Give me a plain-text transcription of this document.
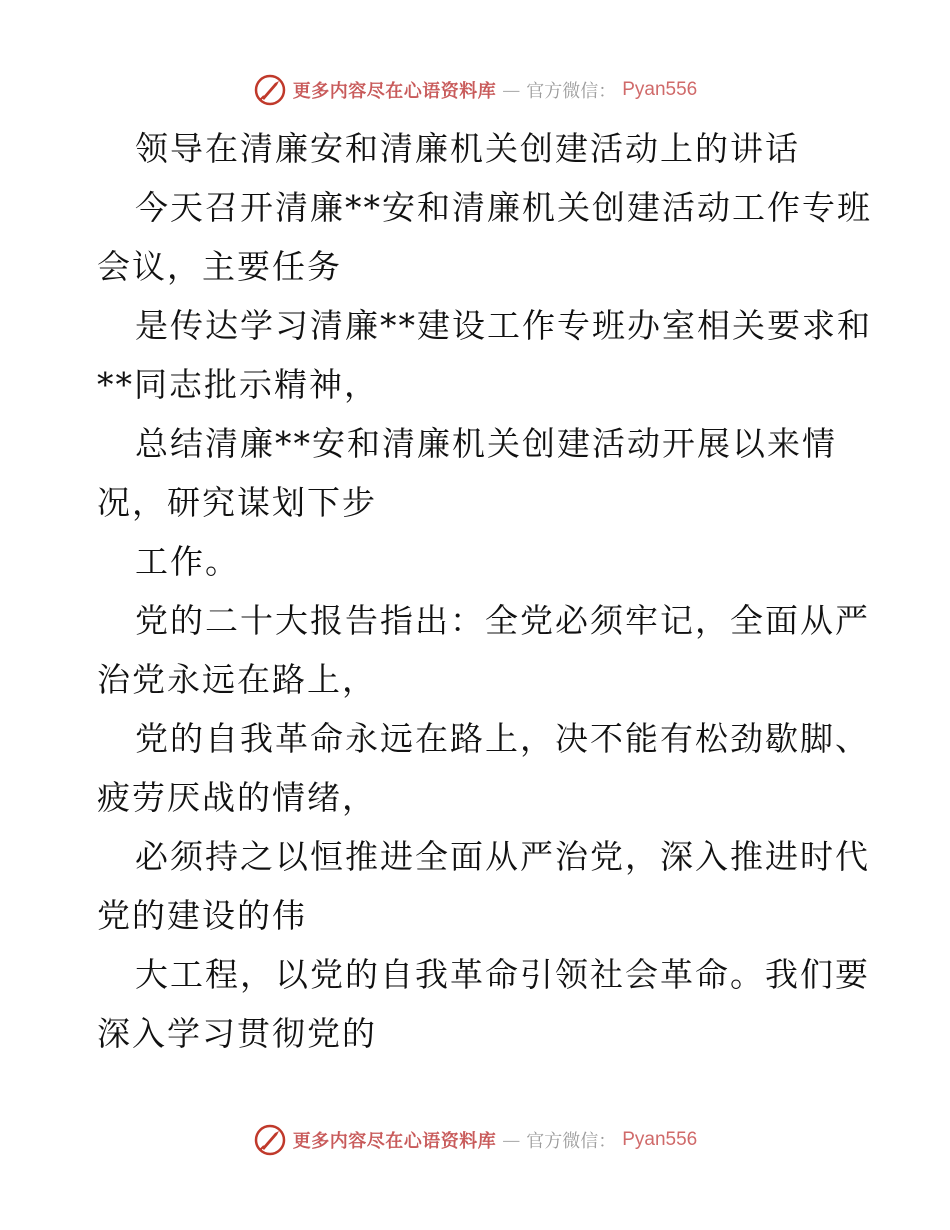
更多内容尽在心语资料库 — 官方微信： Pyan556
领导在清廉安和清廉机关创建活动上的讲话
今天召开清廉**安和清廉机关创建活动工作专班
会议，主要任务
是传达学习清廉**建设工作专班办室相关要求和
**同志批示精神，
总结清廉**安和清廉机关创建活动开展以来情
况，研究谋划下步
工作。
党的二十大报告指出：全党必须牢记，全面从严
治党永远在路上，
党的自我革命永远在路上，决不能有松劲歇脚、
疲劳厌战的情绪，
必须持之以恒推进全面从严治党，深入推进时代
党的建设的伟
大工程，以党的自我革命引领社会革命。我们要
深入学习贯彻党的
更多内容尽在心语资料库 — 官方微信： Pyan556
